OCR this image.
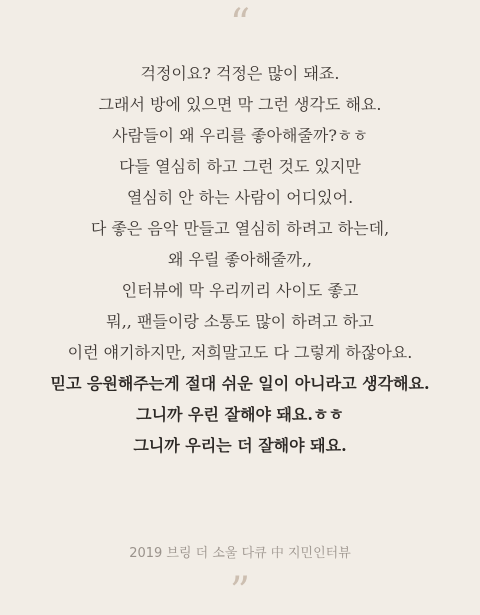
“
걱정이요? 걱정은 많이 돼죠.
그래서 방에 있으면 막 그런 생각도 해요.
사람들이 왜 우리를 좋아해줄까?ㅎㅎ
다들 열심히 하고 그런 것도 있지만
열심히 안 하는 사람이 어디있어.
다 좋은 음악 만들고 열심히 하려고 하는데,
왜 우릴 좋아해줄까,,
인터뷰에 막 우리끼리 사이도 좋고
뭐,, 팬들이랑 소통도 많이 하려고 하고
이런 얘기하지만, 저희말고도 다 그렇게 하잖아요.
믿고 응원해주는게 절대 쉬운 일이 아니라고 생각해요.
그니까 우린 잘해야 돼요.ㅎㅎ
그니까 우리는 더 잘해야 돼요.
2019 브링 더 소울 다큐 中 지민인터뷰
”
